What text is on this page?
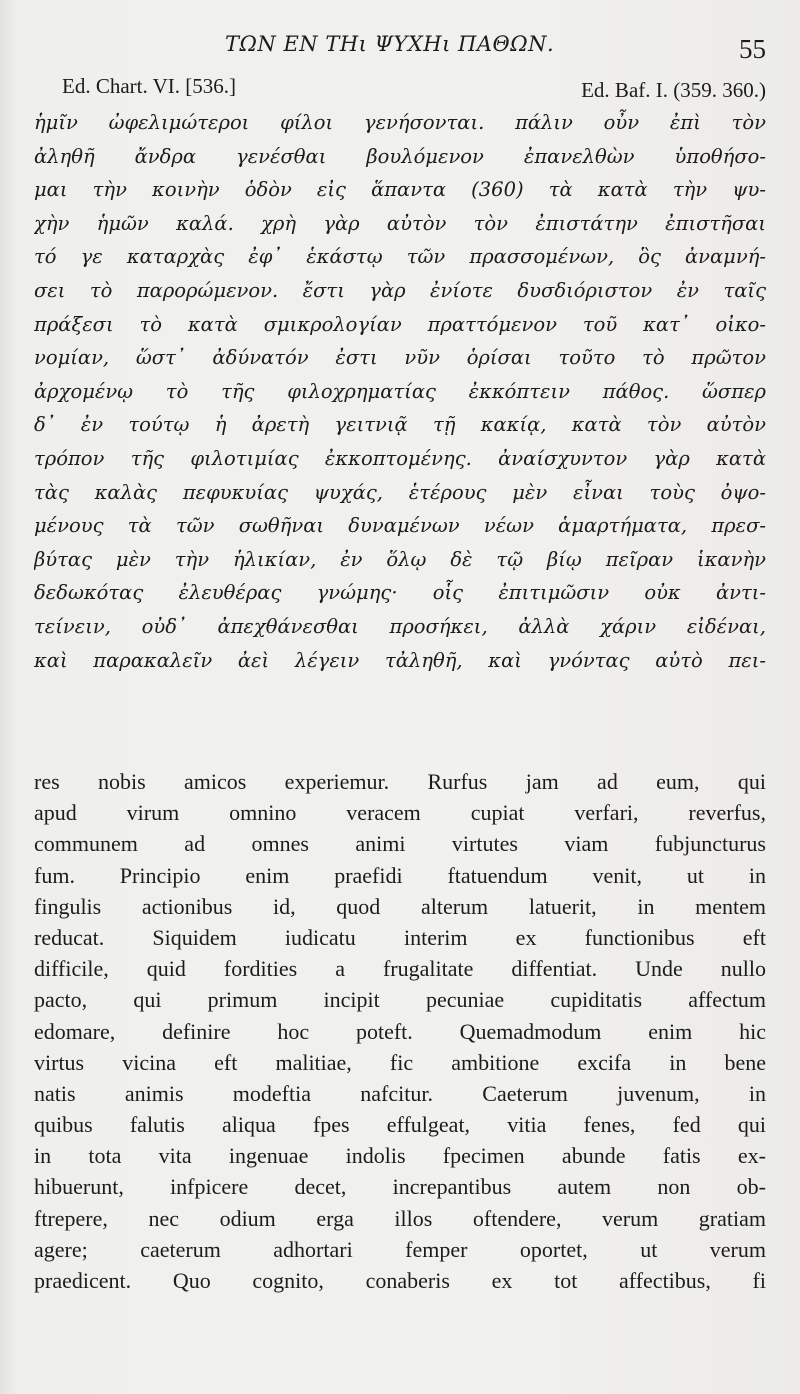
ΤΩΝ ΕΝ ΤΗι ΨΥΧΗι ΠΑΘΩΝ.	55
Ed. Chart. VI. [536.]	Ed. Baf. I. (359. 360.)
ἡμῖν ὠφελιμώτεροι φίλοι γενήσονται. πάλιν οὖν ἐπὶ τὸν
ἀληθῆ ἄνδρα γενέσθαι βουλόμενον ἐπανελθὼν ὑποθήσο-
μαι τὴν κοινὴν ὁδὸν εἰς ἅπαντα (360) τὰ κατὰ τὴν ψυ-
χὴν ἡμῶν καλά. χρὴ γὰρ αὐτὸν τὸν ἐπιστάτην ἐπιστῆσαι
τό γε καταρχὰς ἐφ᾽ ἑκάστῳ τῶν πρασσομένων, ὃς ἀναμνή-
σει τὸ παρορώμενον. ἔστι γὰρ ἐνίοτε δυσδιόριστον ἐν ταῖς
πράξεσι τὸ κατὰ σμικρολογίαν πραττόμενον τοῦ κατ᾽ οἰκο-
νομίαν, ὥστ᾽ ἀδύνατόν ἐστι νῦν ὁρίσαι τοῦτο τὸ πρῶτον
ἀρχομένῳ τὸ τῆς φιλοχρηματίας ἐκκόπτειν πάθος. ὥσπερ
δ᾽ ἐν τούτῳ ἡ ἀρετὴ γειτνιᾷ τῇ κακίᾳ, κατὰ τὸν αὐτὸν
τρόπον τῆς φιλοτιμίας ἐκκοπτομένης. ἀναίσχυντον γὰρ κατὰ
τὰς καλὰς πεφυκυίας ψυχάς, ἑτέρους μὲν εἶναι τοὺς ὀψο-
μένους τὰ τῶν σωθῆναι δυναμένων νέων ἁμαρτήματα, πρεσ-
βύτας μὲν τὴν ἡλικίαν, ἐν ὅλῳ δὲ τῷ βίῳ πεῖραν ἱκανὴν
δεδωκότας ἐλευθέρας γνώμης· οἷς ἐπιτιμῶσιν οὐκ ἀντι-
τείνειν, οὐδ᾽ ἀπεχθάνεσθαι προσήκει, ἀλλὰ χάριν εἰδέναι,
καὶ παρακαλεῖν ἀεὶ λέγειν τἀληθῆ, καὶ γνόντας αὐτὸ πει-
res nobis amicos experiemur. Rurfus jam ad eum, qui
apud virum omnino veracem cupiat verfari, reverfus,
communem ad omnes animi virtutes viam fubjuncturus
fum. Principio enim praefidi ftatuendum venit, ut in
fingulis actionibus id, quod alterum latuerit, in mentem
reducat. Siquidem iudicatu interim ex functionibus eft
difficile, quid fordities a frugalitate diffentiat. Unde nullo
pacto, qui primum incipit pecuniae cupiditatis affectum
edomare, definire hoc poteft. Quemadmodum enim hic
virtus vicina eft malitiae, fic ambitione excifa in bene
natis animis modeftia nafcitur. Caeterum juvenum, in
quibus falutis aliqua fpes effulgeat, vitia fenes, fed qui
in tota vita ingenuae indolis fpecimen abunde fatis ex-
hibuerunt, infpicere decet, increpantibus autem non ob-
ftrepere, nec odium erga illos oftendere, verum gratiam
agere; caeterum adhortari femper oportet, ut verum
praedicent. Quo cognito, conaberis ex tot affectibus, fi
